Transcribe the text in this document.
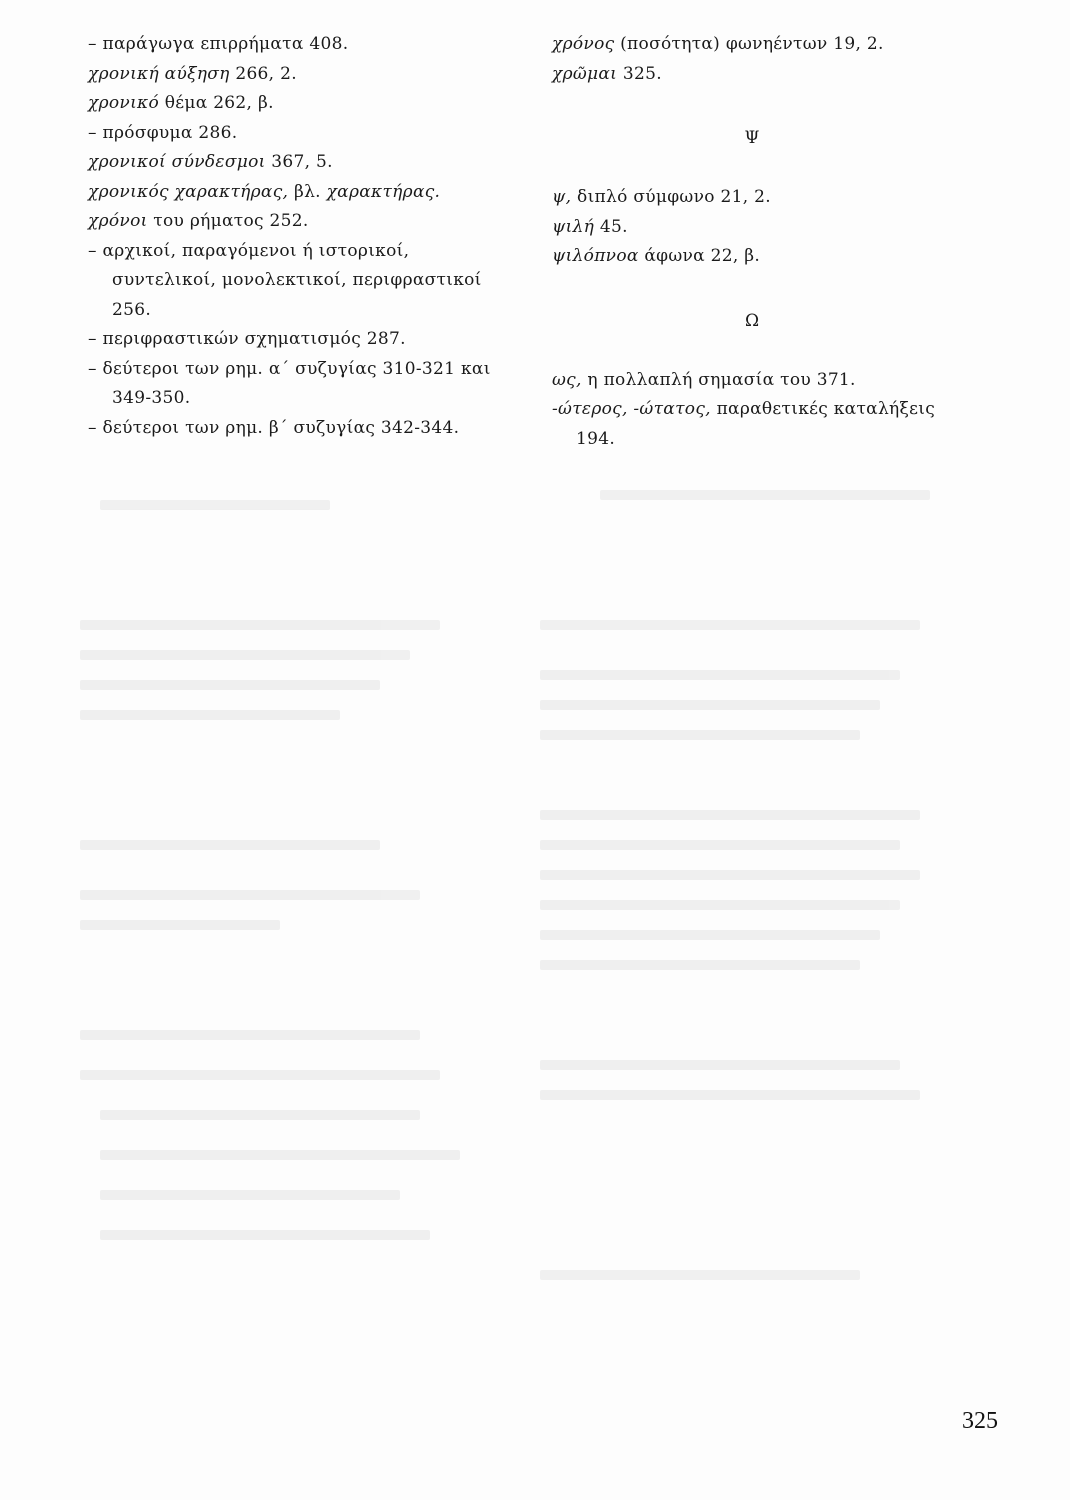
– παράγωγα επιρρήματα 408.
χρονική αύξηση 266, 2.
χρονικό θέμα 262, β.
– πρόσφυμα 286.
χρονικοί σύνδεσμοι 367, 5.
χρονικός χαρακτήρας, βλ. χαρακτήρας.
χρόνοι του ρήματος 252.
– αρχικοί, παραγόμενοι ή ιστορικοί, συντελικοί, μονολεκτικοί, περιφραστικοί 256.
– περιφραστικών σχηματισμός 287.
– δεύτεροι των ρημ. α΄ συζυγίας 310-321 και 349-350.
– δεύτεροι των ρημ. β΄ συζυγίας 342-344.
χρόνος (ποσότητα) φωνηέντων 19, 2.
χρῶμαι 325.
Ψ
ψ, διπλό σύμφωνο 21, 2.
ψιλή 45.
ψιλόπνοα άφωνα 22, β.
Ω
ως, η πολλαπλή σημασία του 371.
-ώτερος, -ώτατος, παραθετικές καταλήξεις 194.
325
